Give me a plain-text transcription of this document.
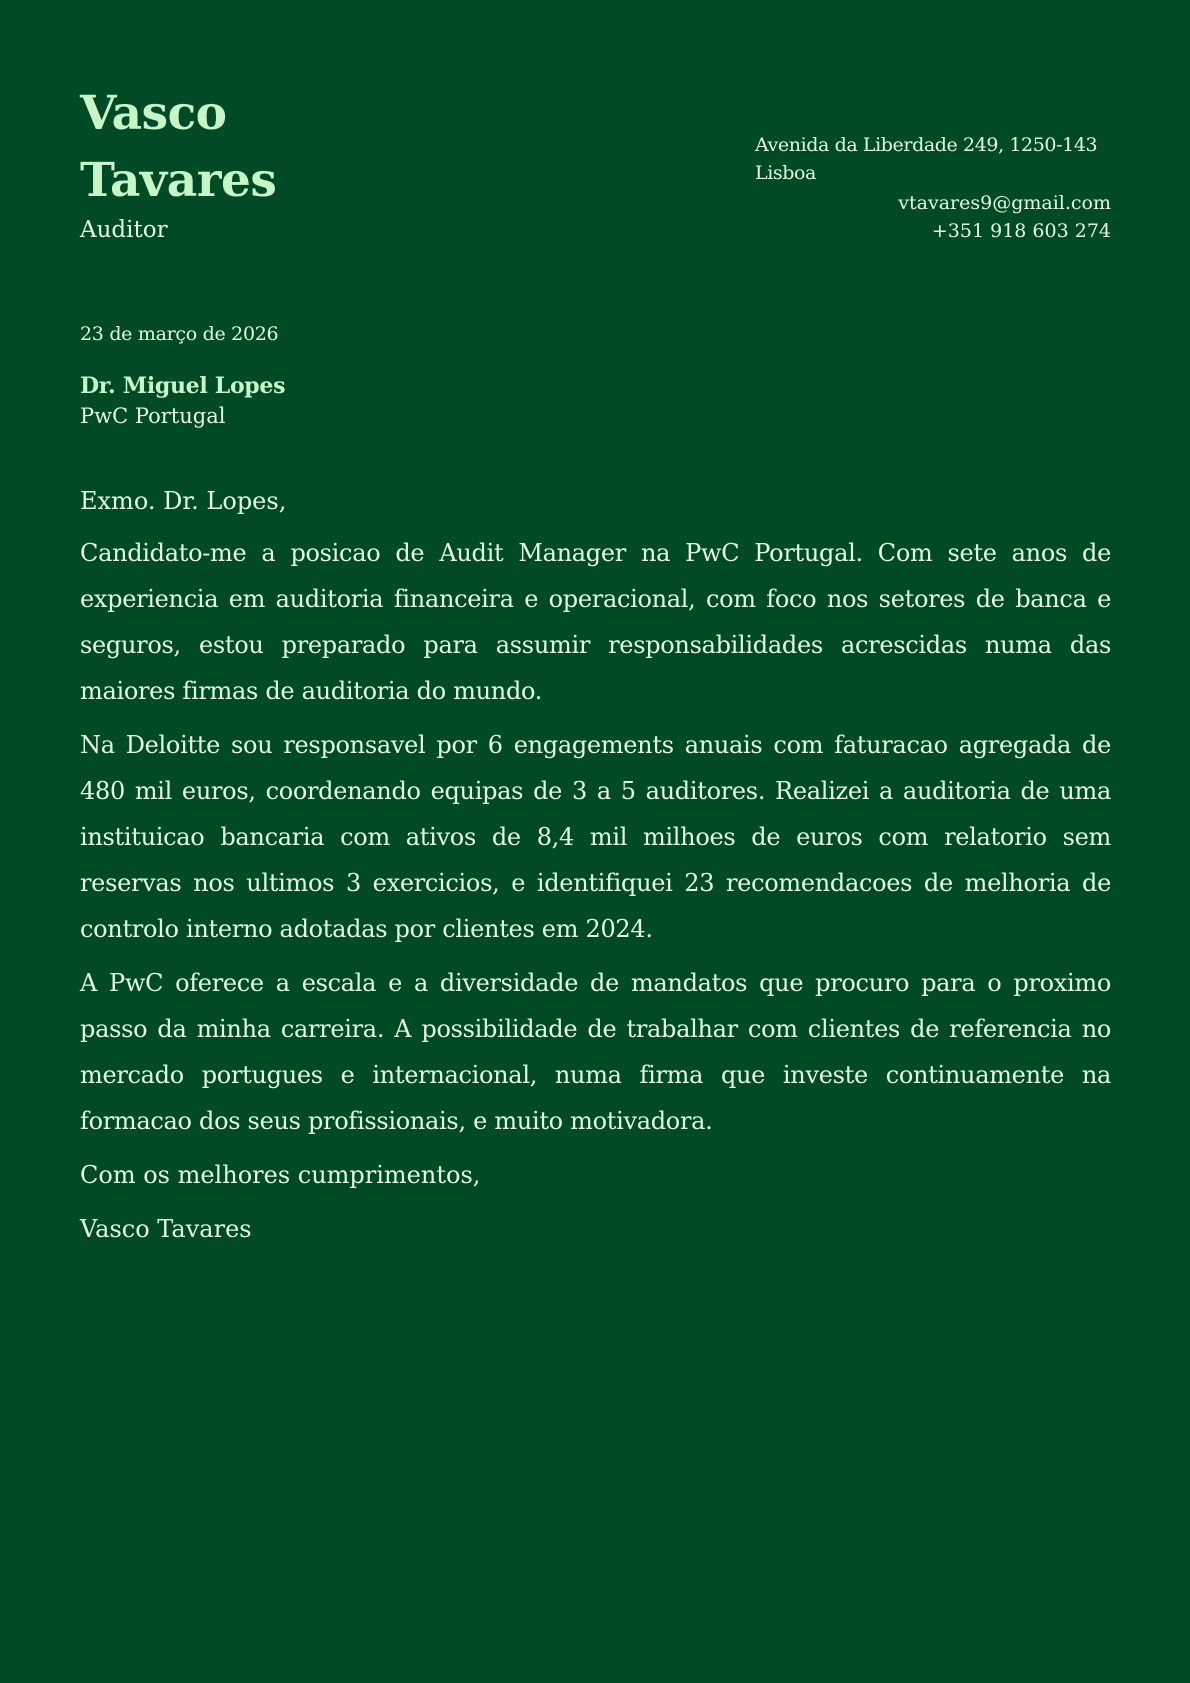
Vasco
Tavares
Auditor
Avenida da Liberdade 249, 1250-143 Lisboa
vtavares9@gmail.com
+351 918 603 274
23 de março de 2026
Dr. Miguel Lopes
PwC Portugal

Exmo. Dr. Lopes,

Candidato-me a posicao de Audit Manager na PwC Portugal. Com sete anos de experiencia em auditoria financeira e operacional, com foco nos setores de banca e seguros, estou preparado para assumir responsabilidades acrescidas numa das maiores firmas de auditoria do mundo.

Na Deloitte sou responsavel por 6 engagements anuais com faturacao agregada de 480 mil euros, coordenando equipas de 3 a 5 auditores. Realizei a auditoria de uma instituicao bancaria com ativos de 8,4 mil milhoes de euros com relatorio sem reservas nos ultimos 3 exercicios, e identifiquei 23 recomendacoes de melhoria de controlo interno adotadas por clientes em 2024.

A PwC oferece a escala e a diversidade de mandatos que procuro para o proximo passo da minha carreira. A possibilidade de trabalhar com clientes de referencia no mercado portugues e internacional, numa firma que investe continuamente na formacao dos seus profissionais, e muito motivadora.

Com os melhores cumprimentos,

Vasco Tavares
